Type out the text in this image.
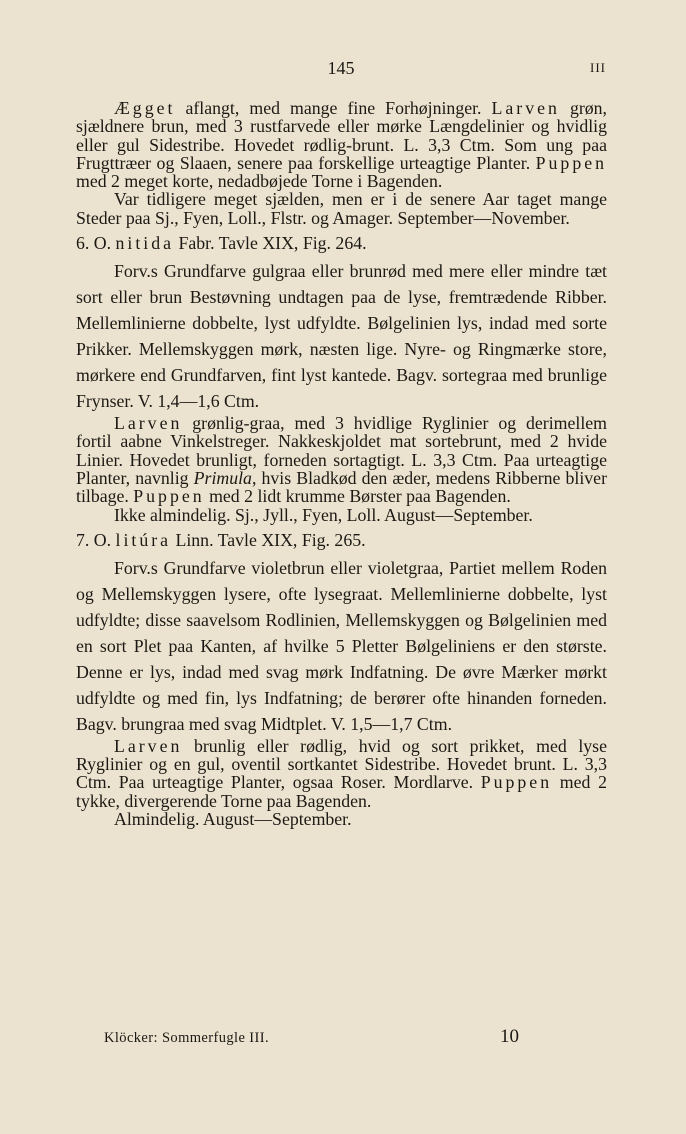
145	III

Ægget aflangt, med mange fine Forhøjninger. Larven grøn, sjældnere brun, med 3 rustfarvede eller mørke Længdelinier og hvidlig eller gul Sidestribe. Hovedet rødlig-brunt. L. 3,3 Ctm. Som ung paa Frugttræer og Slaaen, senere paa forskellige urteagtige Planter. Puppen med 2 meget korte, nedadbøjede Torne i Bagenden.

Var tidligere meget sjælden, men er i de senere Aar taget mange Steder paa Sj., Fyen, Loll., Flstr. og Amager. September—November.

6. O. nitida Fabr. Tavle XIX, Fig. 264.

Forv.s Grundfarve gulgraa eller brunrød med mere eller mindre tæt sort eller brun Bestøvning undtagen paa de lyse, fremtrædende Ribber. Mellemlinierne dobbelte, lyst udfyldte. Bølgelinien lys, indad med sorte Prikker. Mellemskyggen mørk, næsten lige. Nyre- og Ringmærke store, mørkere end Grundfarven, fint lyst kantede. Bagv. sortegraa med brunlige Frynser. V. 1,4—1,6 Ctm.

Larven grønlig-graa, med 3 hvidlige Ryglinier og derimellem fortil aabne Vinkelstreger. Nakkeskjoldet mat sortebrunt, med 2 hvide Linier. Hovedet brunligt, forneden sortagtigt. L. 3,3 Ctm. Paa urteagtige Planter, navnlig Primula, hvis Bladkød den æder, medens Ribberne bliver tilbage. Puppen med 2 lidt krumme Børster paa Bagenden.

Ikke almindelig. Sj., Jyll., Fyen, Loll. August—September.

7. O. litúra Linn. Tavle XIX, Fig. 265.

Forv.s Grundfarve violetbrun eller violetgraa, Partiet mellem Roden og Mellemskyggen lysere, ofte lysegraat. Mellemlinierne dobbelte, lyst udfyldte; disse saavelsom Rodlinien, Mellemskyggen og Bølgelinien med en sort Plet paa Kanten, af hvilke 5 Pletter Bølgeliniens er den største. Denne er lys, indad med svag mørk Indfatning. De øvre Mærker mørkt udfyldte og med fin, lys Indfatning; de berører ofte hinanden forneden. Bagv. brungraa med svag Midtplet. V. 1,5—1,7 Ctm.

Larven brunlig eller rødlig, hvid og sort prikket, med lyse Ryglinier og en gul, oventil sortkantet Sidestribe. Hovedet brunt. L. 3,3 Ctm. Paa urteagtige Planter, ogsaa Roser. Mordlarve. Puppen med 2 tykke, divergerende Torne paa Bagenden.

Almindelig. August—September.

Klöcker: Sommerfugle III.	10
